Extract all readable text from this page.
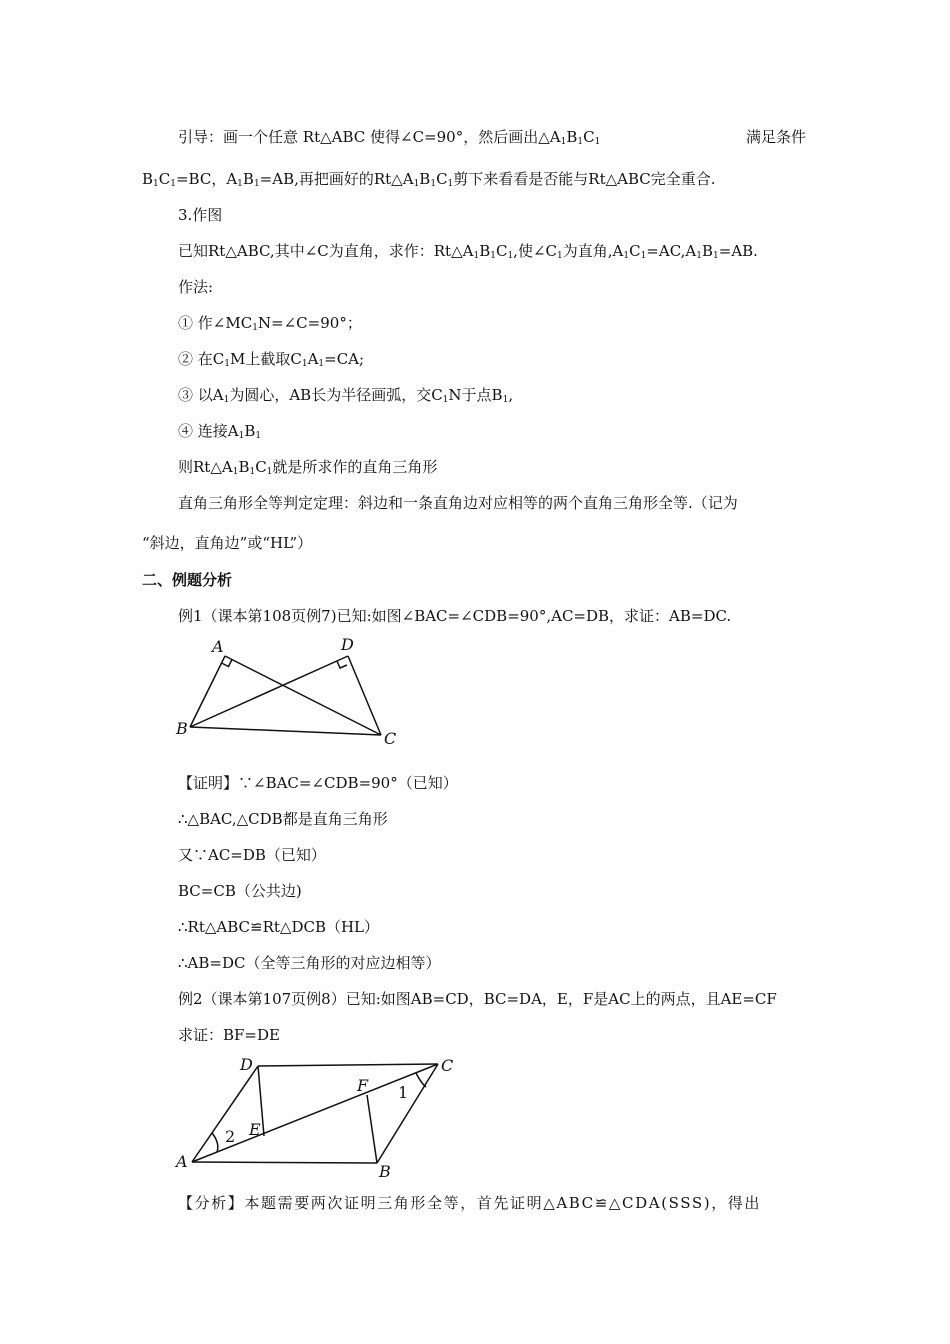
引导：画一个任意 Rt△ABC 使得∠C=90°，然后画出$\triangle A_1B_1C_1$	满足条件
$B_1C_1=BC$，$A_1B_1=AB$,再把画好的$Rt\triangle A_1B_1C_1$剪下来看看是否能与Rt△ABC完全重合.
3.作图
已知Rt△ABC,其中∠C为直角，求作：$Rt\triangle A_1B_1C_1$,使$\angle C_1$为直角$,A_1C_1=AC,A_1B_1=AB$.
作法:
① 作$\angle MC_1N=\angle C=90^\circ$；
② 在$C_1M$上截取$C_1A_1=CA$;
③ 以$A_1$为圆心，AB长为半径画弧，交$C_1N$于点$B_1$,
④ 连接$A_1B_1$
则$Rt\triangle A_1B_1C_1$就是所求作的直角三角形
直角三角形全等判定定理：斜边和一条直角边对应相等的两个直角三角形全等.（记为
“斜边，直角边”或“HL”）
二、例题分析
例1（课本第108页例7)已知:如图∠BAC=∠CDB=90°,AC=DB，求证：AB=DC.
A	D
B
C
【证明】∵∠BAC=∠CDB=90°（已知）
∴△BAC,△CDB都是直角三角形
又∵AC=DB（已知）
BC=CB（公共边)
∴Rt△ABC≌Rt△DCB（HL）
∴AB=DC（全等三角形的对应边相等）
例2（课本第107页例8）已知:如图AB=CD，BC=DA，E，F是AC上的两点，且AE=CF
求证：BF=DE
D	C
F 1
2 E
A
B
【分析】本题需要两次证明三角形全等，首先证明△ABC≌△CDA(SSS)，得出
